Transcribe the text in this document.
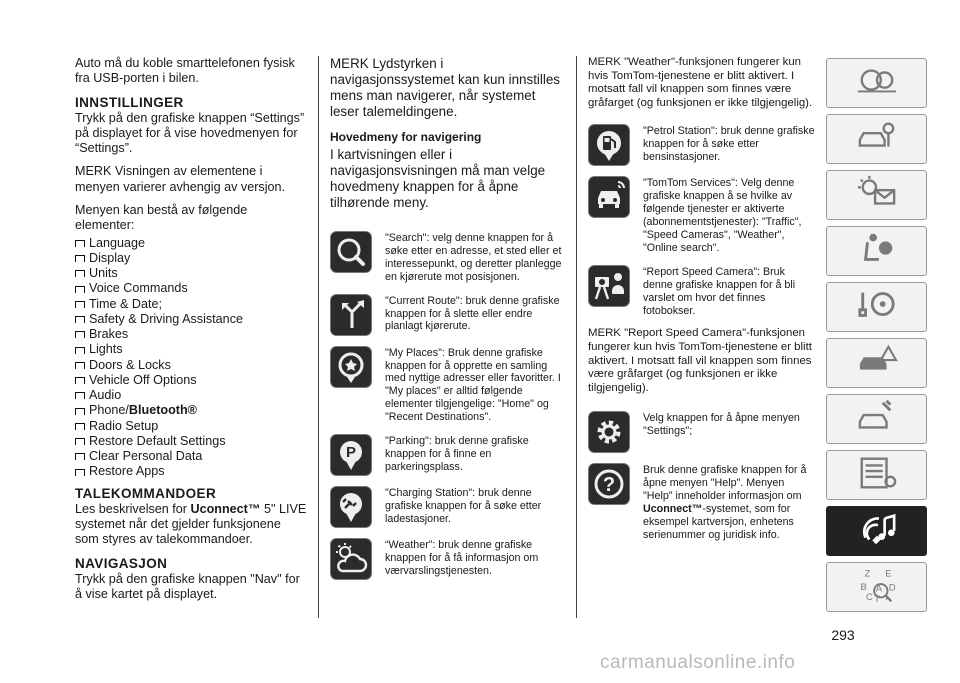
Auto må du koble smarttelefonen fysisk fra USB-porten i bilen.

INNSTILLINGER

Trykk på den grafiske knappen “Settings” på displayet for å vise hovedmenyen for “Settings”.

MERK Visningen av elementene i menyen varierer avhengig av versjon.

Menyen kan bestå av følgende elementer:

Language
Display
Units
Voice Commands
Time & Date;
Safety & Driving Assistance
Brakes
Lights
Doors & Locks
Vehicle Off Options
Audio
Phone/ Bluetooth®
Radio Setup
Restore Default Settings
Clear Personal Data
Restore Apps
TALEKOMMANDOER

Les beskrivelsen for Uconnect™ 5" LIVE systemet når det gjelder funksjonene som styres av talekommandoer.

NAVIGASJON

Trykk på den grafiske knappen "Nav" for å vise kartet på displayet.

MERK Lydstyrken i navigasjonssystemet kan kun innstilles mens man navigerer, når systemet leser talemeldingene.

Hovedmeny for navigering

I kartvisningen eller i navigasjonsvisningen må man velge hovedmeny knappen for å åpne tilhørende meny.

"Search": velg denne knappen for å søke etter en adresse, et sted eller et interessepunkt, og deretter planlegge en kjørerute mot posisjonen.
"Current Route": bruk denne grafiske knappen for å slette eller endre planlagt kjørerute.
"My Places": Bruk denne grafiske knappen for å opprette en samling med nyttige adresser eller favoritter. I "My places" er alltid følgende elementer tilgjengelige: "Home" og "Recent Destinations".
P
"Parking": bruk denne grafiske knappen for å finne en parkeringsplass.
"Charging Station": bruk denne grafiske knappen for å søke etter ladestasjoner.
“Weather”: bruk denne grafiske knappen for å få informasjon om værvarslingstjenesten.

MERK "Weather"-funksjonen fungerer kun hvis TomTom-tjenestene er blitt aktivert. I motsatt fall vil knappen som finnes være gråfarget (og funksjonen er ikke tilgjengelig).

"Petrol Station": bruk denne grafiske knappen for å søke etter bensinstasjoner.
"TomTom Services": Velg denne grafiske knappen å se hvilke av følgende tjenester er aktiverte (abonnementstjenester): "Traffic", "Speed Cameras", "Weather", "Online search".
“Report Speed Camera”: Bruk denne grafiske knappen for å bli varslet om hvor det finnes fotobokser.

MERK "Report Speed Camera"-funksjonen fungerer kun hvis TomTom-tjenestene er blitt aktivert. I motsatt fall vil knappen som finnes være gråfarget (og funksjonen er ikke tilgjengelig).

Velg knappen for å åpne menyen "Settings";
?
Bruk denne grafiske knappen for å åpne menyen "Help". Menyen "Help" inneholder informasjon om Uconnect™-systemet, som for eksempel kartversjon, enhetens serienummer og juridisk info.
Z E
B
C
A D
T I
293
carmanualsonline.info
